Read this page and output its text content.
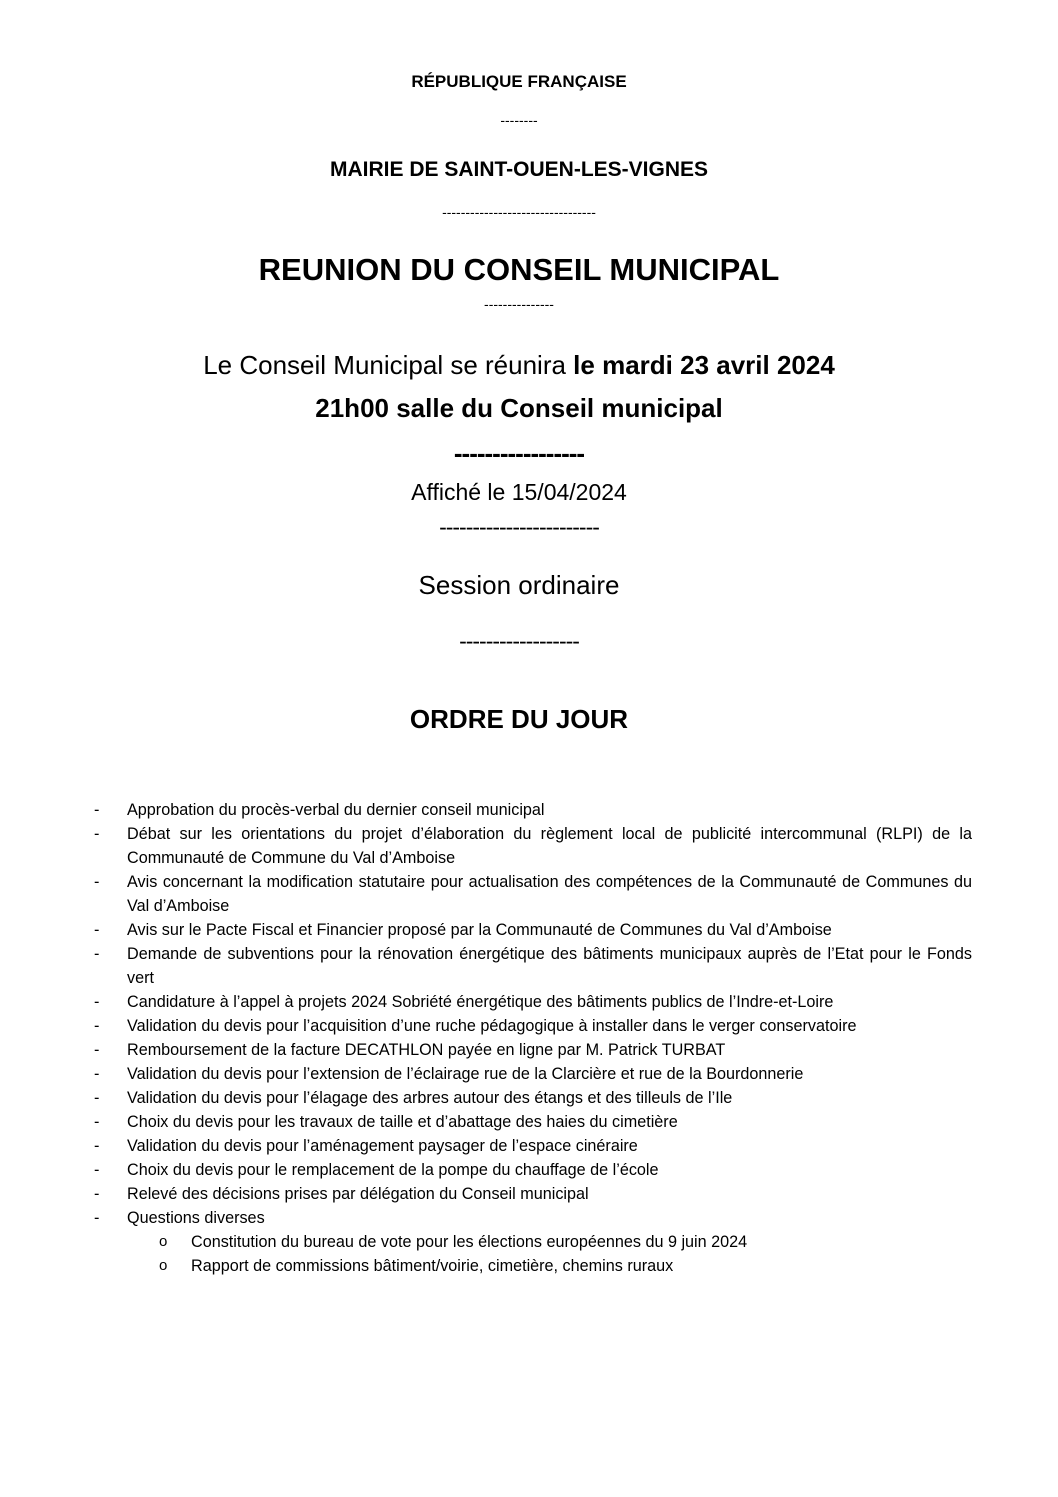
RÉPUBLIQUE FRANÇAISE
--------
MAIRIE DE SAINT-OUEN-LES-VIGNES
---------------------------------
REUNION DU CONSEIL MUNICIPAL
---------------
Le Conseil Municipal se réunira le mardi 23 avril 2024
21h00 salle du Conseil municipal
-----------------
Affiché le 15/04/2024
------------------------
Session ordinaire
------------------
ORDRE DU JOUR
- Approbation du procès-verbal du dernier conseil municipal
- Débat sur les orientations du projet d’élaboration du règlement local de publicité intercommunal (RLPI) de la Communauté de Commune du Val d’Amboise
- Avis concernant la modification statutaire pour actualisation des compétences de la Communauté de Communes du Val d’Amboise
- Avis sur le Pacte Fiscal et Financier proposé par la Communauté de Communes du Val d’Amboise
- Demande de subventions pour la rénovation énergétique des bâtiments municipaux auprès de l’Etat pour le Fonds vert
- Candidature à l’appel à projets 2024 Sobriété énergétique des bâtiments publics de l’Indre-et-Loire
- Validation du devis pour l’acquisition d’une ruche pédagogique à installer dans le verger conservatoire
- Remboursement de la facture DECATHLON payée en ligne par M. Patrick TURBAT
- Validation du devis pour l’extension de l’éclairage rue de la Clarcière et rue de la Bourdonnerie
- Validation du devis pour l’élagage des arbres autour des étangs et des tilleuls de l’Ile
- Choix du devis pour les travaux de taille et d’abattage des haies du cimetière
- Validation du devis pour l’aménagement paysager de l’espace cinéraire
- Choix du devis pour le remplacement de la pompe du chauffage de l’école
- Relevé des décisions prises par délégation du Conseil municipal
- Questions diverses
o Constitution du bureau de vote pour les élections européennes du 9 juin 2024
o Rapport de commissions bâtiment/voirie, cimetière, chemins ruraux
